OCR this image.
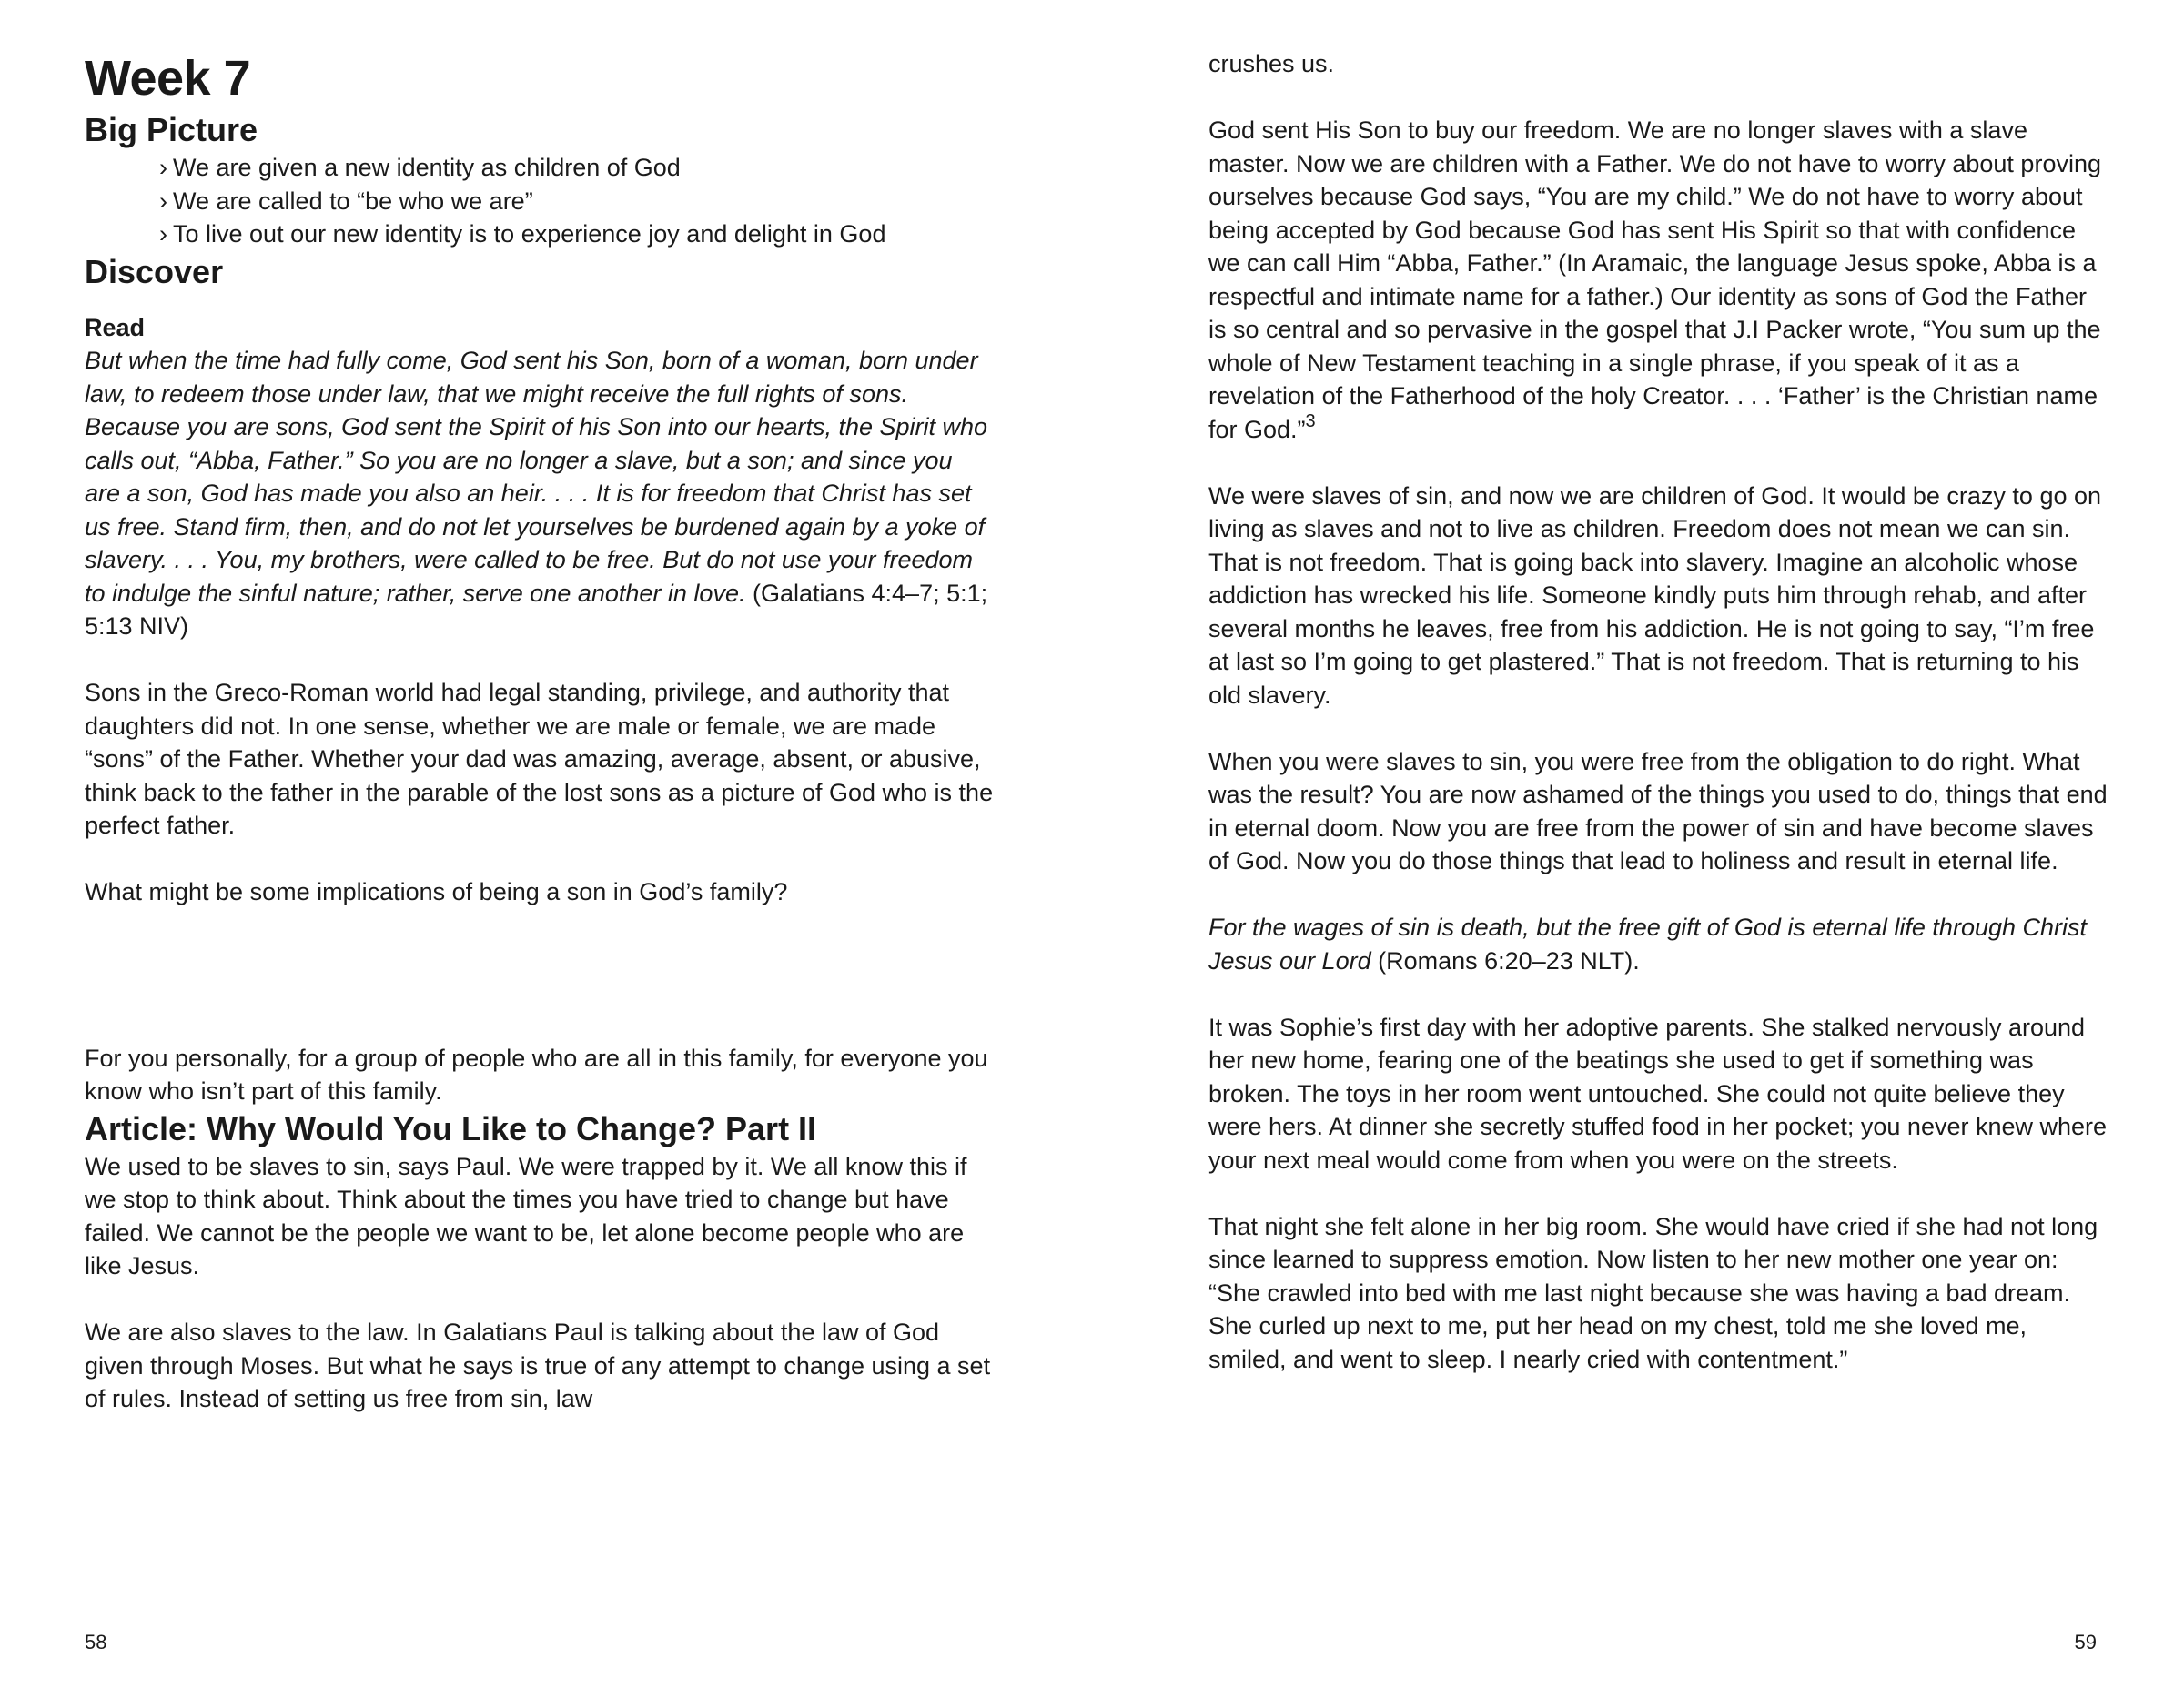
Week 7
Big Picture
› We are given a new identity as children of God
› We are called to “be who we are”
› To live out our new identity is to experience joy and delight in God
Discover
Read

But when the time had fully come, God sent his Son, born of a woman, born under law, to redeem those under law, that we might receive the full rights of sons. Because you are sons, God sent the Spirit of his Son into our hearts, the Spirit who calls out, “Abba, Father.” So you are no longer a slave, but a son; and since you are a son, God has made you also an heir. . . . It is for freedom that Christ has set us free. Stand firm, then, and do not let yourselves be burdened again by a yoke of slavery. . . . You, my brothers, were called to be free. But do not use your freedom to indulge the sinful nature; rather, serve one another in love. (Galatians 4:4–7; 5:1; 5:13 NIV)

Sons in the Greco-Roman world had legal standing, privilege, and authority that daughters did not. In one sense, whether we are male or female, we are made “sons” of the Father. Whether your dad was amazing, average, absent, or abusive, think back to the father in the parable of the lost sons as a picture of God who is the perfect father.

What might be some implications of being a son in God’s family?

For you personally, for a group of people who are all in this family, for everyone you know who isn’t part of this family.

Article: Why Would You Like to Change? Part II

We used to be slaves to sin, says Paul. We were trapped by it. We all know this if we stop to think about. Think about the times you have tried to change but have failed. We cannot be the people we want to be, let alone become people who are like Jesus.

We are also slaves to the law. In Galatians Paul is talking about the law of God given through Moses. But what he says is true of any attempt to change using a set of rules. Instead of setting us free from sin, law

58

crushes us.

God sent His Son to buy our freedom. We are no longer slaves with a slave master. Now we are children with a Father. We do not have to worry about proving ourselves because God says, “You are my child.” We do not have to worry about being accepted by God because God has sent His Spirit so that with confidence we can call Him “Abba, Father.” (In Aramaic, the language Jesus spoke, Abba is a respectful and intimate name for a father.) Our identity as sons of God the Father is so central and so pervasive in the gospel that J.I Packer wrote, “You sum up the whole of New Testament teaching in a single phrase, if you speak of it as a revelation of the Fatherhood of the holy Creator. . . . ‘Father’ is the Christian name for God.”$^3$

We were slaves of sin, and now we are children of God. It would be crazy to go on living as slaves and not to live as children. Freedom does not mean we can sin. That is not freedom. That is going back into slavery. Imagine an alcoholic whose addiction has wrecked his life. Someone kindly puts him through rehab, and after several months he leaves, free from his addiction. He is not going to say, “I’m free at last so I’m going to get plastered.” That is not freedom. That is returning to his old slavery.

When you were slaves to sin, you were free from the obligation to do right. What was the result? You are now ashamed of the things you used to do, things that end in eternal doom. Now you are free from the power of sin and have become slaves of God. Now you do those things that lead to holiness and result in eternal life.

For the wages of sin is death, but the free gift of God is eternal life through Christ Jesus our Lord (Romans 6:20–23 NLT).

It was Sophie’s first day with her adoptive parents. She stalked nervously around her new home, fearing one of the beatings she used to get if something was broken. The toys in her room went untouched. She could not quite believe they were hers. At dinner she secretly stuffed food in her pocket; you never knew where your next meal would come from when you were on the streets.

That night she felt alone in her big room. She would have cried if she had not long since learned to suppress emotion. Now listen to her new mother one year on: “She crawled into bed with me last night because she was having a bad dream. She curled up next to me, put her head on my chest, told me she loved me, smiled, and went to sleep. I nearly cried with contentment.”

59
